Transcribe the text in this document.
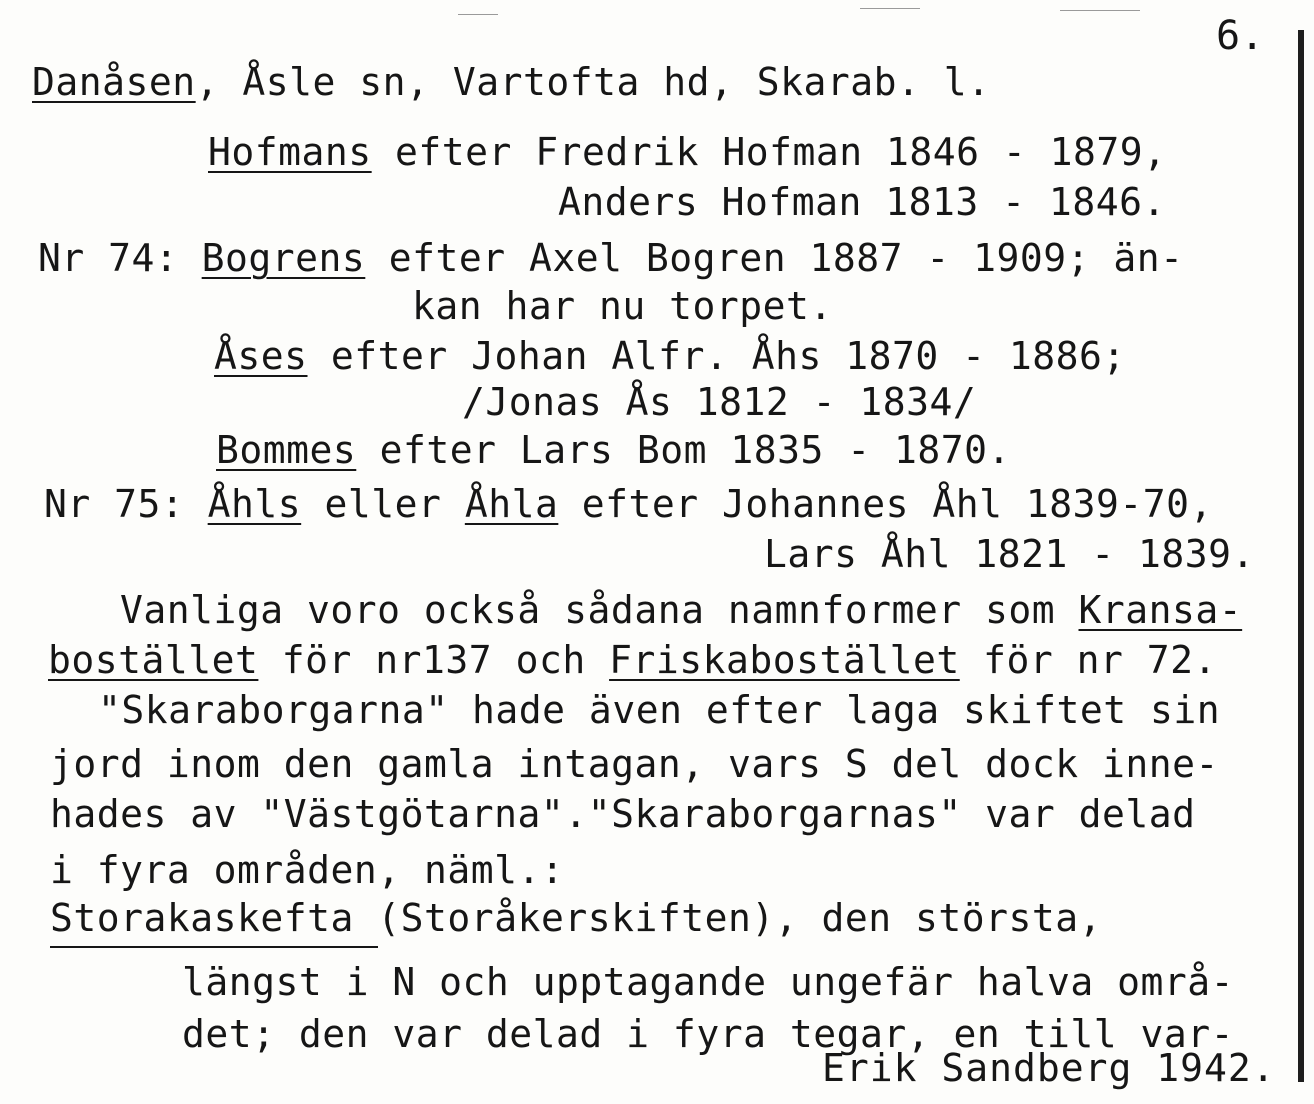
6.
Danåsen, Åsle sn, Vartofta hd, Skarab. l.
Hofmans efter Fredrik Hofman 1846 - 1879,
Anders Hofman 1813 - 1846.
Nr 74: Bogrens efter Axel Bogren 1887 - 1909; än-
kan har nu torpet.
Åses efter Johan Alfr. Åhs 1870 - 1886;
/Jonas Ås 1812 - 1834/
Bommes efter Lars Bom 1835 - 1870.
Nr 75: Åhls eller Åhla efter Johannes Åhl 1839-70,
Lars Åhl 1821 - 1839.
Vanliga voro också sådana namnformer som Kransa-
bostället för nr137 och Friskabostället för nr 72.
"Skaraborgarna" hade även efter laga skiftet sin
jord inom den gamla intagan, vars S del dock inne-
hades av "Västgötarna"."Skaraborgarnas" var delad
i fyra områden, näml.:
Storakaskefta (Storåkerskiften), den största,
längst i N och upptagande ungefär halva områ-
det; den var delad i fyra tegar, en till var-
Erik Sandberg 1942.
